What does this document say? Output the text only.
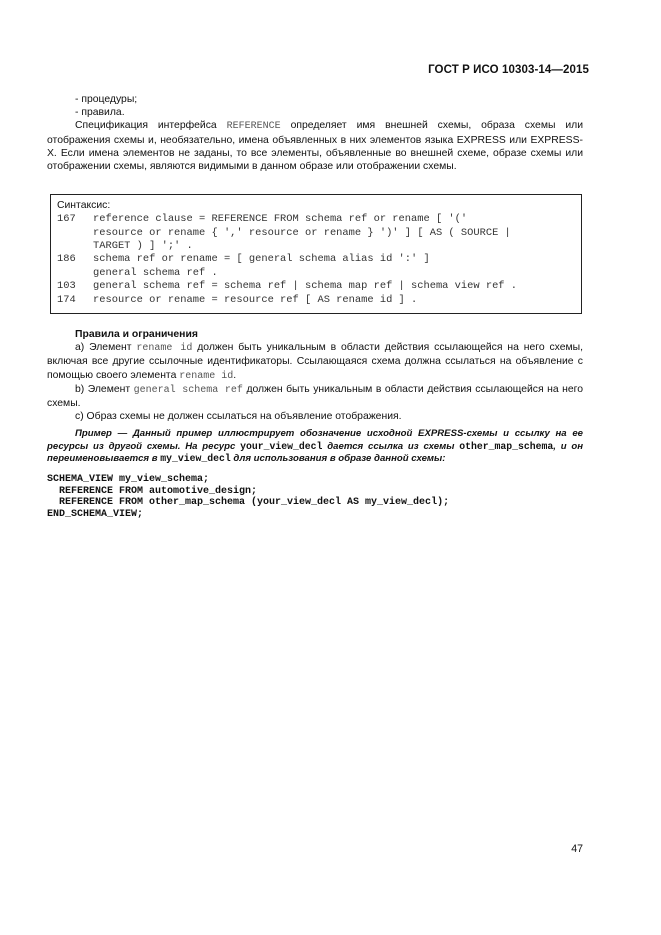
ГОСТ Р ИСО 10303-14—2015

- процедуры;

- правила.

Спецификация интерфейса REFERENCE определяет имя внешней схемы, образа схемы или отображения схемы и, необязательно, имена объявленных в них элементов языка EXPRESS или EXPRESS-X. Если имена элементов не заданы, то все элементы, объявленные во внешней схеме, образе схемы или отображении схемы, являются видимыми в данном образе или отображении схемы.

Синтаксис:
167	reference clause = REFERENCE FROM schema ref or rename [ '('
resource or rename { ',' resource or rename } ')' ] [ AS ( SOURCE |
TARGET ) ] ';' .
186	schema ref or rename = [ general schema alias id ':' ]
general schema ref .
103	general schema ref = schema ref | schema map ref | schema view ref .
174	resource or rename = resource ref [ AS rename id ] .

Правила и ограничения

а) Элемент rename id должен быть уникальным в области действия ссылающейся на него схемы, включая все другие ссылочные идентификаторы. Ссылающаяся схема должна ссылаться на объявление с помощью своего элемента rename id.

b) Элемент general schema ref должен быть уникальным в области действия ссылающейся на него схемы.

с) Образ схемы не должен ссылаться на объявление отображения.

Пример — Данный пример иллюстрирует обозначение исходной EXPRESS-схемы и ссылку на ее ресурсы из другой схемы. На ресурс your_view_decl дается ссылка из схемы other_map_schema, и он переименовывается в my_view_decl для использования в образе данной схемы:

SCHEMA_VIEW my_view_schema;
REFERENCE FROM automotive_design;
REFERENCE FROM other_map_schema (your_view_decl AS my_view_decl);
END_SCHEMA_VIEW;
47
